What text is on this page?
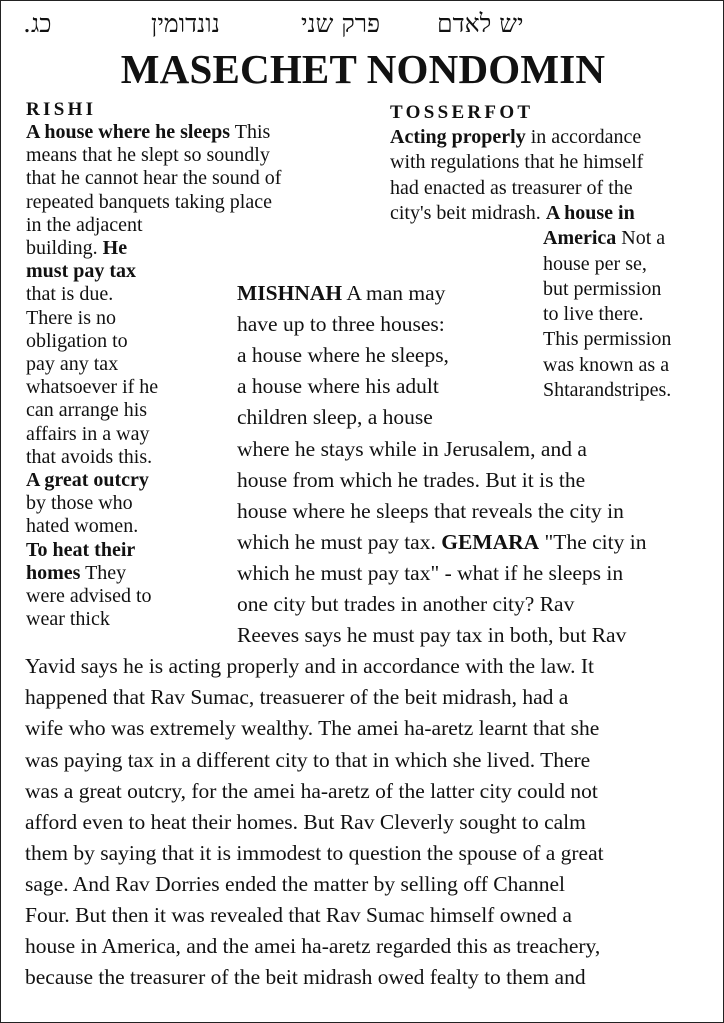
כג.	נונדומין	פרק שני יש לאדם
MASECHET NONDOMIN
RISHI	TOSSERFOT
A house where he sleeps This
means that he slept so soundly
that he cannot hear the sound of
repeated banquets taking place
in the adjacent
building. He
must pay tax
that is due.
There is no
obligation to
pay any tax
whatsoever if he
can arrange his
affairs in a way
that avoids this.
A great outcry
by those who
hated women.
To heat their
homes They
were advised to
wear thick
Acting properly in accordance
with regulations that he himself
had enacted as treasurer of the
city's beit midrash. A house in
America Not a
house per se,
but permission
to live there.
This permission
was known as a
Shtarandstripes.
MISHNAH A man may
have up to three houses:
a house where he sleeps,
a house where his adult
children sleep, a house
where he stays while in Jerusalem, and a
house from which he trades. But it is the
house where he sleeps that reveals the city in
which he must pay tax. GEMARA "The city in
which he must pay tax" - what if he sleeps in
one city but trades in another city? Rav
Reeves says he must pay tax in both, but Rav
Yavid says he is acting properly and in accordance with the law. It
happened that Rav Sumac, treasuerer of the beit midrash, had a
wife who was extremely wealthy. The amei ha-aretz learnt that she
was paying tax in a different city to that in which she lived. There
was a great outcry, for the amei ha-aretz of the latter city could not
afford even to heat their homes. But Rav Cleverly sought to calm
them by saying that it is immodest to question the spouse of a great
sage. And Rav Dorries ended the matter by selling off Channel
Four. But then it was revealed that Rav Sumac himself owned a
house in America, and the amei ha-aretz regarded this as treachery,
because the treasurer of the beit midrash owed fealty to them and
